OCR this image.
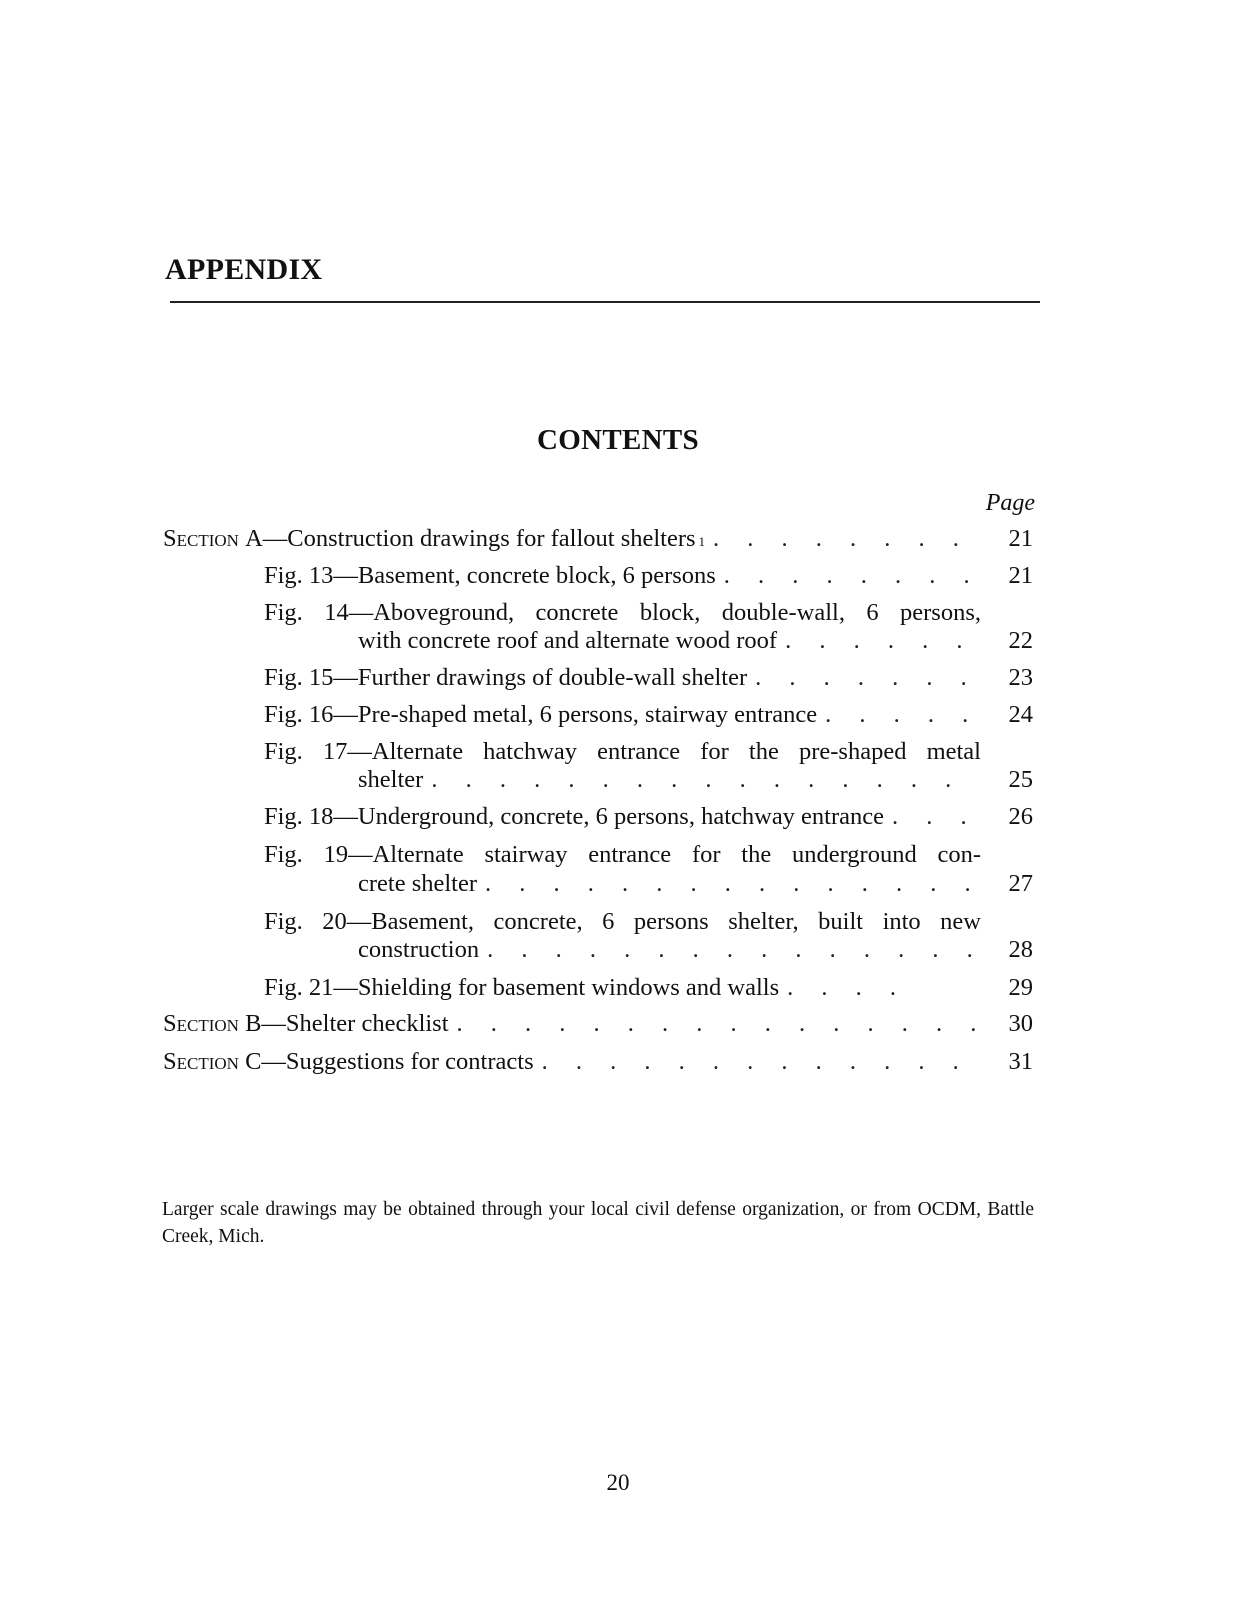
APPENDIX
CONTENTS
Page
Section
A—Construction drawings for fallout shelters 1 . . .	21
Fig. 13—Basement, concrete block, 6 persons . . .	21
Fig. 14—Aboveground, concrete block, double-wall, 6 persons,
with concrete roof and alternate wood roof . . .	22
Fig. 15—Further drawings of double-wall shelter . . .	23
Fig. 16—Pre-shaped metal, 6 persons, stairway entrance . . .	24
Fig. 17—Alternate hatchway entrance for the pre-shaped metal
shelter . . .	25
Fig. 18—Underground, concrete, 6 persons, hatchway entrance . . .	26
Fig. 19—Alternate stairway entrance for the underground con-
crete shelter . . .	27
Fig. 20—Basement, concrete, 6 persons shelter, built into new
construction . . .	28
Fig. 21—Shielding for basement windows and walls . . .	29
Section
B—Shelter checklist . . .	30
Section
C—Suggestions for contracts . . .	31
Larger scale drawings may be obtained through your local civil defense organization, or from OCDM, Battle Creek, Mich.
20
